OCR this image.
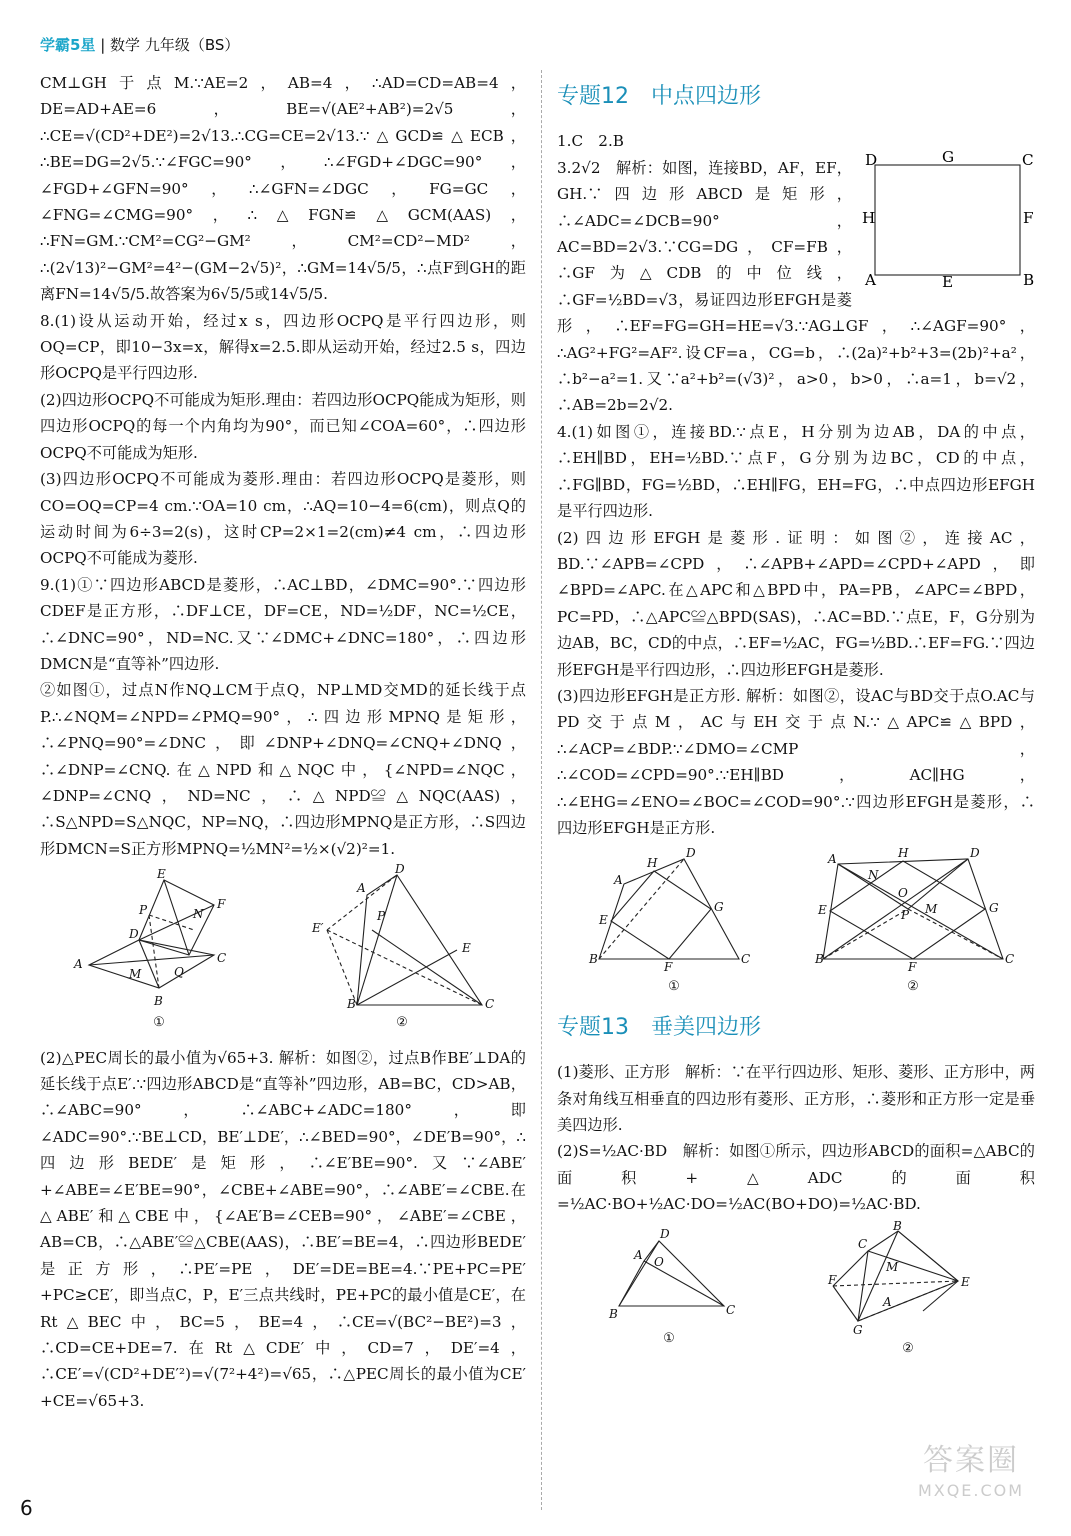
学霸5星 | 数学 九年级（BS）

CM⊥GH于点M.∵AE=2，AB=4，∴AD=CD=AB=4，DE=AD+AE=6，BE=√(AE²+AB²)=2√5，∴CE=√(CD²+DE²)=2√13.∴CG=CE=2√13.∵△GCD≌△ECB，∴BE=DG=2√5.∵∠FGC=90°，∴∠FGD+∠DGC=90°，∠FGD+∠GFN=90°，∴∠GFN=∠DGC，FG=GC，∠FNG=∠CMG=90°，∴△FGN≌△GCM(AAS)，∴FN=GM.∵CM²=CG²−GM²，CM²=CD²−MD²，∴(2√13)²−GM²=4²−(GM−2√5)²，∴GM=14√5/5，∴点F到GH的距离FN=14√5/5.故答案为6√5/5或14√5/5.

8.(1)设从运动开始，经过x s，四边形OCPQ是平行四边形，则OQ=CP，即10−3x=x，解得x=2.5.即从运动开始，经过2.5 s，四边形OCPQ是平行四边形.

(2)四边形OCPQ不可能成为矩形.理由：若四边形OCPQ能成为矩形，则四边形OCPQ的每一个内角均为90°，而已知∠COA=60°，∴四边形OCPQ不可能成为矩形.

(3)四边形OCPQ不可能成为菱形.理由：若四边形OCPQ是菱形，则CO=OQ=CP=4 cm.∵OA=10 cm，∴AQ=10−4=6(cm)，则点Q的运动时间为6÷3=2(s)，这时CP=2×1=2(cm)≠4 cm，∴四边形OCPQ不可能成为菱形.

9.(1)①∵四边形ABCD是菱形，∴AC⊥BD，∠DMC=90°.∵四边形CDEF是正方形，∴DF⊥CE，DF=CE，ND=½DF，NC=½CE，∴∠DNC=90°，ND=NC.又∵∠DMC+∠DNC=180°，∴四边形DMCN是“直等补”四边形.

②如图①，过点N作NQ⊥CM于点Q，NP⊥MD交MD的延长线于点P.∴∠NQM=∠NPD=∠PMQ=90°，∴四边形MPNQ是矩形，∴∠PNQ=90°=∠DNC，即∠DNP+∠DNQ=∠CNQ+∠DNQ，∴∠DNP=∠CNQ.在△NPD和△NQC中，{∠NPD=∠NQC，∠DNP=∠CNQ，ND=NC，∴△NPD≌△NQC(AAS)，∴S△NPD=S△NQC，NP=NQ，∴四边形MPNQ是正方形，∴S四边形DMCN=S正方形MPNQ=½MN²=½×(√2)²=1.

E
F
D
N
P
A	C
M	Q
B
①
D
A
E′
P
E
B	C
②

(2)△PEC周长的最小值为√65+3. 解析：如图②，过点B作BE′⊥DA的延长线于点E′.∵四边形ABCD是“直等补”四边形，AB=BC，CD>AB，∴∠ABC=90°，∴∠ABC+∠ADC=180°，即∠ADC=90°.∵BE⊥CD，BE′⊥DE′，∴∠BED=90°，∠DE′B=90°，∴四边形BEDE′是矩形，∴∠E′BE=90°.又∵∠ABE′+∠ABE=∠E′BE=90°，∠CBE+∠ABE=90°，∴∠ABE′=∠CBE.在△ABE′和△CBE中，{∠AE′B=∠CEB=90°，∠ABE′=∠CBE，AB=CB，∴△ABE′≌△CBE(AAS)，∴BE′=BE=4，∴四边形BEDE′是正方形，∴PE′=PE，DE′=DE=BE=4.∵PE+PC=PE′+PC≥CE′，即当点C，P，E′三点共线时，PE+PC的最小值是CE′，在Rt△BEC中，BC=5，BE=4，∴CE=√(BC²−BE²)=3，∴CD=CE+DE=7.在Rt△CDE′中，CD=7，DE′=4，∴CE′=√(CD²+DE′²)=√(7²+4²)=√65，∴△PEC周长的最小值为CE′+CE=√65+3.

专题12　中点四边形

1.C　2.B

D	G	C
H	F
A	E	B

3.2√2　解析：如图，连接BD，AF，EF，GH.∵四边形ABCD是矩形，∴∠ADC=∠DCB=90°，AC=BD=2√3.∵CG=DG，CF=FB，∴GF为△CDB的中位线，∴GF=½BD=√3，易证四边形EFGH是菱形，∴EF=FG=GH=HE=√3.∵AG⊥GF，∴∠AGF=90°，∴AG²+FG²=AF².设CF=a，CG=b，∴(2a)²+b²+3=(2b)²+a²，∴b²−a²=1.又∵a²+b²=(√3)²，a>0，b>0，∴a=1，b=√2，∴AB=2b=2√2.

4.(1)如图①，连接BD.∵点E，H分别为边AB，DA的中点，∴EH∥BD，EH=½BD.∵点F，G分别为边BC，CD的中点，∴FG∥BD，FG=½BD，∴EH∥FG，EH=FG，∴中点四边形EFGH是平行四边形.

(2)四边形EFGH是菱形.证明：如图②，连接AC，BD.∵∠APB=∠CPD，∴∠APB+∠APD=∠CPD+∠APD，即∠BPD=∠APC.在△APC和△BPD中，PA=PB，∠APC=∠BPD，PC=PD，∴△APC≌△BPD(SAS)，∴AC=BD.∵点E，F，G分别为边AB，BC，CD的中点，∴EF=½AC，FG=½BD.∴EF=FG.∵四边形EFGH是平行四边形，∴四边形EFGH是菱形.

(3)四边形EFGH是正方形. 解析：如图②，设AC与BD交于点O.AC与PD交于点M，AC与EH交于点N.∵△APC≌△BPD，∴∠ACP=∠BDP.∵∠DMO=∠CMP，∴∠COD=∠CPD=90°.∵EH∥BD，AC∥HG，∴∠EHG=∠ENO=∠BOC=∠COD=90°.∵四边形EFGH是菱形，∴四边形EFGH是正方形.

B
A
H
D
E
G
F
C
①
B
A	H	D
E	G
F
C
N
O
P M
②

专题13　垂美四边形

(1)菱形、正方形　解析：∵在平行四边形、矩形、菱形、正方形中，两条对角线互相垂直的四边形有菱形、正方形，∴菱形和正方形一定是垂美四边形.

(2)S=½AC·BD　解析：如图①所示，四边形ABCD的面积=△ABC的面积+△ADC的面积=½AC·BO+½AC·DO=½AC(BO+DO)=½AC·BD.

B
A
D
C
O
①
B
C
M
F	E
A
G
②
6
答案圈
MXQE.COM
